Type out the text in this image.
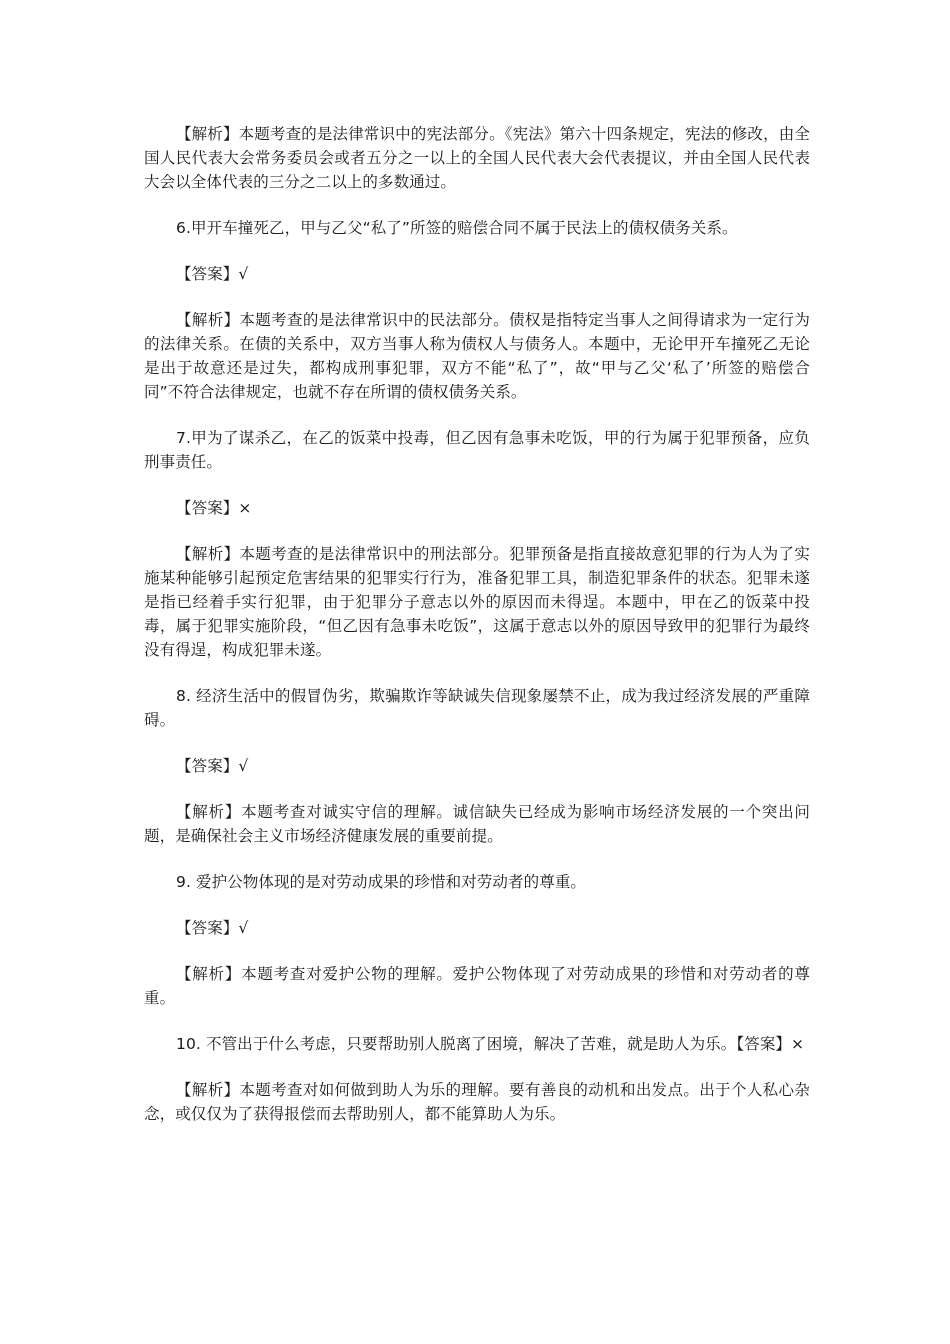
【解析】本题考查的是法律常识中的宪法部分。《宪法》第六十四条规定，宪法的修改，由全国人民代表大会常务委员会或者五分之一以上的全国人民代表大会代表提议，并由全国人民代表大会以全体代表的三分之二以上的多数通过。

6.甲开车撞死乙，甲与乙父“私了”所签的赔偿合同不属于民法上的债权债务关系。

【答案】√

【解析】本题考查的是法律常识中的民法部分。债权是指特定当事人之间得请求为一定行为的法律关系。在债的关系中，双方当事人称为债权人与债务人。本题中，无论甲开车撞死乙无论是出于故意还是过失，都构成刑事犯罪，双方不能“私了”，故“甲与乙父‘私了’所签的赔偿合同”不符合法律规定，也就不存在所谓的债权债务关系。

7.甲为了谋杀乙，在乙的饭菜中投毒，但乙因有急事未吃饭，甲的行为属于犯罪预备，应负刑事责任。

【答案】×

【解析】本题考查的是法律常识中的刑法部分。犯罪预备是指直接故意犯罪的行为人为了实施某种能够引起预定危害结果的犯罪实行行为，准备犯罪工具，制造犯罪条件的状态。犯罪未遂是指已经着手实行犯罪，由于犯罪分子意志以外的原因而未得逞。本题中，甲在乙的饭菜中投毒，属于犯罪实施阶段，“但乙因有急事未吃饭”，这属于意志以外的原因导致甲的犯罪行为最终没有得逞，构成犯罪未遂。

8. 经济生活中的假冒伪劣，欺骗欺诈等缺诚失信现象屡禁不止，成为我过经济发展的严重障碍。

【答案】√

【解析】本题考查对诚实守信的理解。诚信缺失已经成为影响市场经济发展的一个突出问题，是确保社会主义市场经济健康发展的重要前提。

9. 爱护公物体现的是对劳动成果的珍惜和对劳动者的尊重。

【答案】√

【解析】本题考查对爱护公物的理解。爱护公物体现了对劳动成果的珍惜和对劳动者的尊重。

10. 不管出于什么考虑，只要帮助别人脱离了困境，解决了苦难，就是助人为乐。【答案】×

【解析】本题考查对如何做到助人为乐的理解。要有善良的动机和出发点。出于个人私心杂念，或仅仅为了获得报偿而去帮助别人，都不能算助人为乐。
